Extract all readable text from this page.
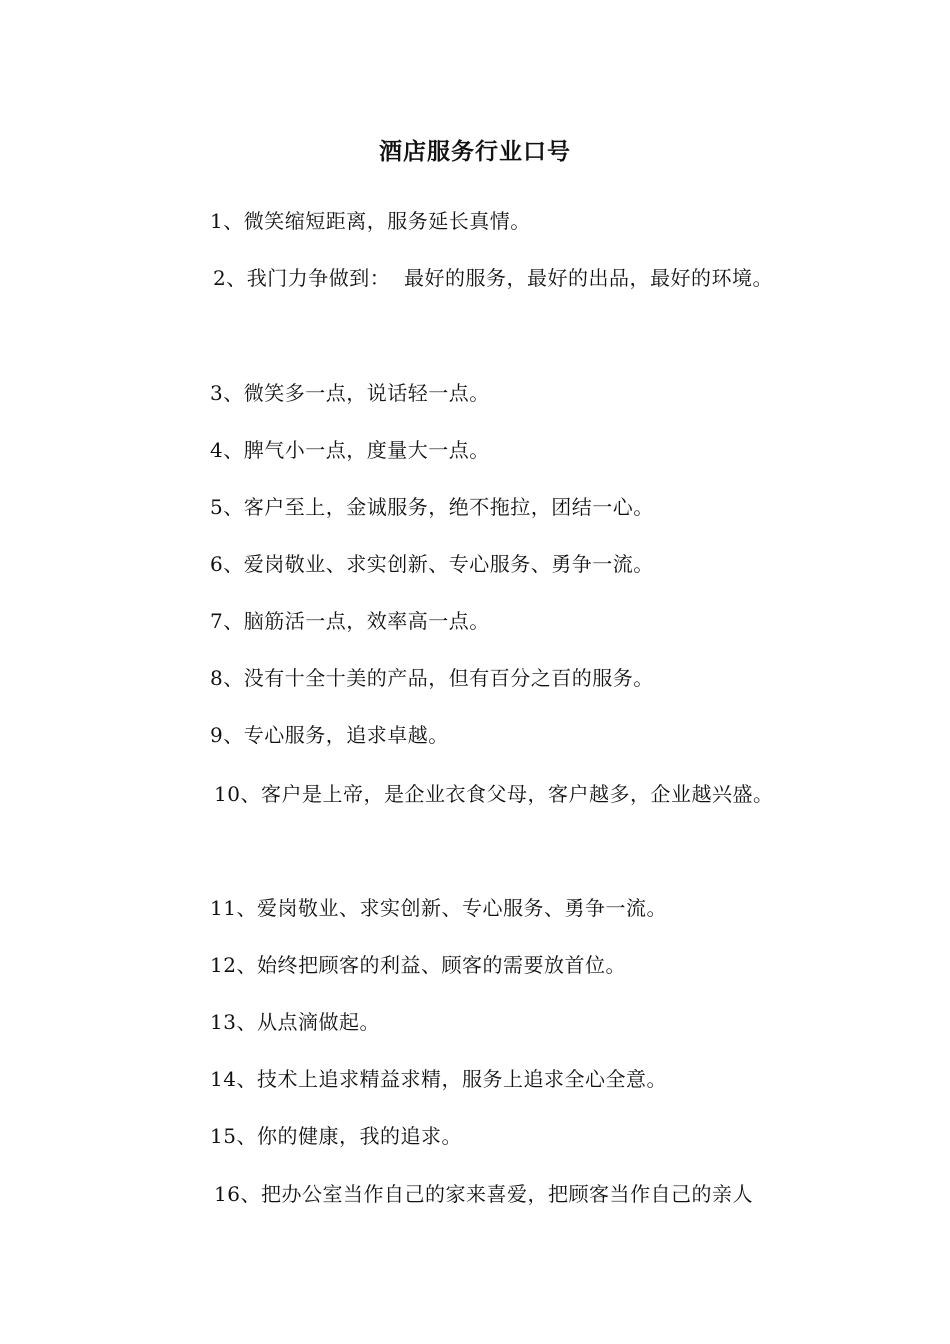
酒店服务行业口号
1、微笑缩短距离，服务延长真情。
2、我门力争做到：  最好的服务，最好的出品，最好的环境。
3、微笑多一点，说话轻一点。
4、脾气小一点，度量大一点。
5、客户至上，金诚服务，绝不拖拉，团结一心。
6、爱岗敬业、求实创新、专心服务、勇争一流。
7、脑筋活一点，效率高一点。
8、没有十全十美的产品，但有百分之百的服务。
9、专心服务，追求卓越。
10、客户是上帝，是企业衣食父母，客户越多，企业越兴盛。
11、爱岗敬业、求实创新、专心服务、勇争一流。
12、始终把顾客的利益、顾客的需要放首位。
13、从点滴做起。
14、技术上追求精益求精，服务上追求全心全意。
15、你的健康，我的追求。
16、把办公室当作自己的家来喜爱，把顾客当作自己的亲人
